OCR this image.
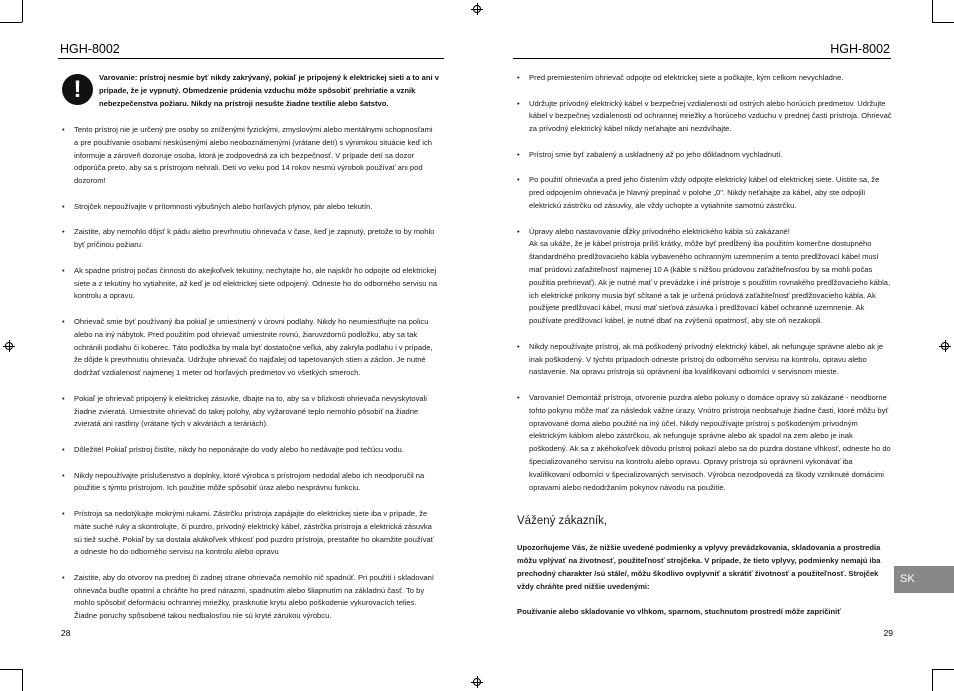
HGH-8002
!	Varovanie: prístroj nesmie byť nikdy zakrývaný, pokiaľ je pripojený k elektrickej sieti a to ani v prípade, že je vypnutý. Obmedzenie prúdenia vzduchu môže spôsobiť prehriatie a vznik nebezpečenstva požiaru. Nikdy na prístroji nesušte žiadne textílie alebo šatstvo.
• Tento prístroj nie je určený pre osoby so zníženými fyzickými, zmyslovými alebo mentálnymi schopnosťami a pre používanie osobami neskúsenými alebo neoboznámenými (vrátane detí) s výnimkou situácie keď ich informuje a zároveň dozoruje osoba, ktorá je zodpovedná za ich bezpečnosť. V prípade detí sa dozor odporúča preto, aby sa s prístrojom nehrali. Deti vo veku pod 14 rokov nesmú výrobok používať ani pod dozorom!
• Strojček nepoužívajte v prítomnosti výbušných alebo horľavých plynov, pár alebo tekutín.
• Zaistite, aby nemohlo dôjsť k pádu alebo prevrhnutiu ohrievača v čase, keď je zapnutý, pretože to by mohlo byť príčinou požiaru.
• Ak spadne prístroj počas činnosti do akejkoľvek tekutiny, nechytajte ho, ale najskôr ho odpojte od elektrickej siete a z tekutiny ho vytiahnite, až keď je od elektrickej siete odpojený. Odneste ho do odborného servisu na kontrolu a opravu.
• Ohrievač smie byť používaný iba pokiaľ je umiestnený v úrovni podlahy. Nikdy ho neumiestňujte na policu alebo na iný nábytok. Pred použitím pod ohrievač umiestnite rovnú, žiaruvzdornú podložku, aby sa tak ochránili podlahu či koberec. Táto podložka by mala byť dostatočne veľká, aby zakryla podlahu i v prípade, že dôjde k prevrhnutiu ohrievača. Udržujte ohrievač čo najďalej od tapetovaných stien a záclon. Je nutné dodržať vzdialenosť najmenej 1 meter od horľavých predmetov vo všetkých smeroch.
• Pokiaľ je ohrievač pripojený k elektrickej zásuvke, dbajte na to, aby sa v blízkosti ohrievača nevyskytovali žiadne zvieratá. Umiestnite ohrievač do takej polohy, aby vyžarované teplo nemohlo pôsobiť na žiadne zvieratá ani rastliny (vrátane tých v akváriách a teráriách).
• Dôležité! Pokiaľ prístroj čistíte, nikdy ho neponárajte do vody alebo ho nedávajte pod tečúcu vodu.
• Nikdy nepoužívajte príslušenstvo a doplnky, ktoré výrobca s prístrojom nedodal alebo ich neodporučil na použitie s týmto prístrojom. Ich použitie môže spôsobiť úraz alebo nesprávnu funkciu.
• Prístroja sa nedotýkajte mokrými rukami. Zástrčku prístroja zapájajte do elektrickej siete iba v prípade, že máte suché ruky a skontrolujte, či puzdro, prívodný elektrický kábel, zástrčka prístroja a elektrická zásuvka sú tiež suché. Pokiaľ by sa dostala akákoľvek vlhkosť pod puzdro prístroja, prestaňte ho okamžite používať a odneste ho do odborného servisu na kontrolu alebo opravu
• Zaistite, aby do otvorov na prednej či zadnej strane ohrievača nemohlo nič spadnúť. Pri použití i skladovaní ohrievača buďte opatrní a chráňte ho pred nárazmi, spadnutím alebo šliapnutím na základnú časť. To by mohlo spôsobiť deformáciu ochrannej mriežky, prasknutie krytu alebo poškodenie vykurovacích telies. Žiadne poruchy spôsobené takou nedbalosťou nie sú kryté zárukou výrobcu.
28
HGH-8002
• Pred premiestením ohrievač odpojte od elektrickej siete a počkajte, kým celkom nevychladne.
• Udržujte prívodný elektrický kábel v bezpečnej vzdialenosti od ostrých alebo horúcich predmetov. Udržujte kábel v bezpečnej vzdialenosti od ochrannej mriežky a horúceho vzduchu v prednej časti prístroja. Ohrievač za prívodný elektrický kábel nikdy neťahajte ani nezdvíhajte.
• Prístroj smie byť zabalený a uskladnený až po jeho dôkladnom vychladnutí.
• Po použití ohrievača a pred jeho čistením vždy odpojte elektrický kábel od elektrickej siete. Uistite sa, že pred odpojením ohrievača je hlavný prepínač v polohe „0". Nikdy neťahajte za kábel, aby ste odpojili elektrickú zástrčku od zásuvky, ale vždy uchopte a vytiahnite samotnú zástrčku.
• Úpravy alebo nastavovanie dĺžky prívodného elektrického kábla sú zakázané!
Ak sa ukáže, že je kábel prístroja príliš krátky, môže byť predĺžený iba použitím komerčne dostupného štandardného predlžovacieho kábla vybaveného ochranným uzemnením a tento predlžovací kábel musí mať prúdovú zaťažiteľnosť najmenej 10 A (káble s nižšou prúdovou zaťažiteľnosťou by sa mohli počas použitia prehrievať). Ak je nutné mať v prevádzke i iné prístroje s použitím rovnakého predlžovacieho kábla, ich elektrické príkony musia byť sčítané a tak je určená prúdová zaťažiteľnosť predlžovacieho kábla. Ak použijete predlžovací kábel, musí mať sieťová zásuvka i predlžovací kábel ochranné uzemnenie. Ak používate predlžovací kábel, je nutné dbať na zvýšenú opatrnosť, aby ste oň nezakopli.
• Nikdy nepoužívajte prístroj, ak má poškodený prívodný elektrický kábel, ak nefunguje správne alebo ak je inak poškodený. V týchto prípadoch odneste prístroj do odborného servisu na kontrolu, opravu alebo nastavenie. Na opravu prístroja sú oprávnení iba kvalifikovaní odborníci v servisnom mieste.
• Varovanie! Demontáž prístroja, otvorenie puzdra alebo pokusy o domáce opravy sú zakázané - neodborne tohto pokynu môže mať za následok vážne úrazy. Vnútro prístroja neobsahuje žiadne časti, ktoré môžu byť opravované doma alebo použité na iný účel. Nikdy nepoužívajte prístroj s poškodeným prívodným elektrickým káblom alebo zástrčkou, ak nefunguje správne alebo ak spadol na zem alebo je inak poškodený. Ak sa z akéhokoľvek dôvodu prístroj pokazí alebo sa do puzdra dostane vlhkosť, odneste ho do špecializovaného servisu na kontrolu alebo opravu. Opravy prístroja sú oprávnení vykonávať iba kvalifikovaní odborníci v špecializovaných servisoch. Výrobca nezodpovedá za škody vzniknuté domácimi opravami alebo nedodržaním pokynov návodu na použitie.
Vážený zákazník,
Upozorňujeme Vás, že nižšie uvedené podmienky a vplyvy prevádzkovania, skladovania a prostredia môžu vplývať na životnosť, použiteľnosť strojčeka. V prípade, že tieto vplyvy, podmienky nemajú iba prechodný charakter /sú stále/, môžu škodlivo ovplyvniť a skrátiť životnosť a použiteľnosť. Strojček vždy chráňte pred nižšie uvedenými:
Používanie alebo skladovanie vo vlhkom, sparnom, stuchnutom prostredí môže zapríčiniť
SK
29
